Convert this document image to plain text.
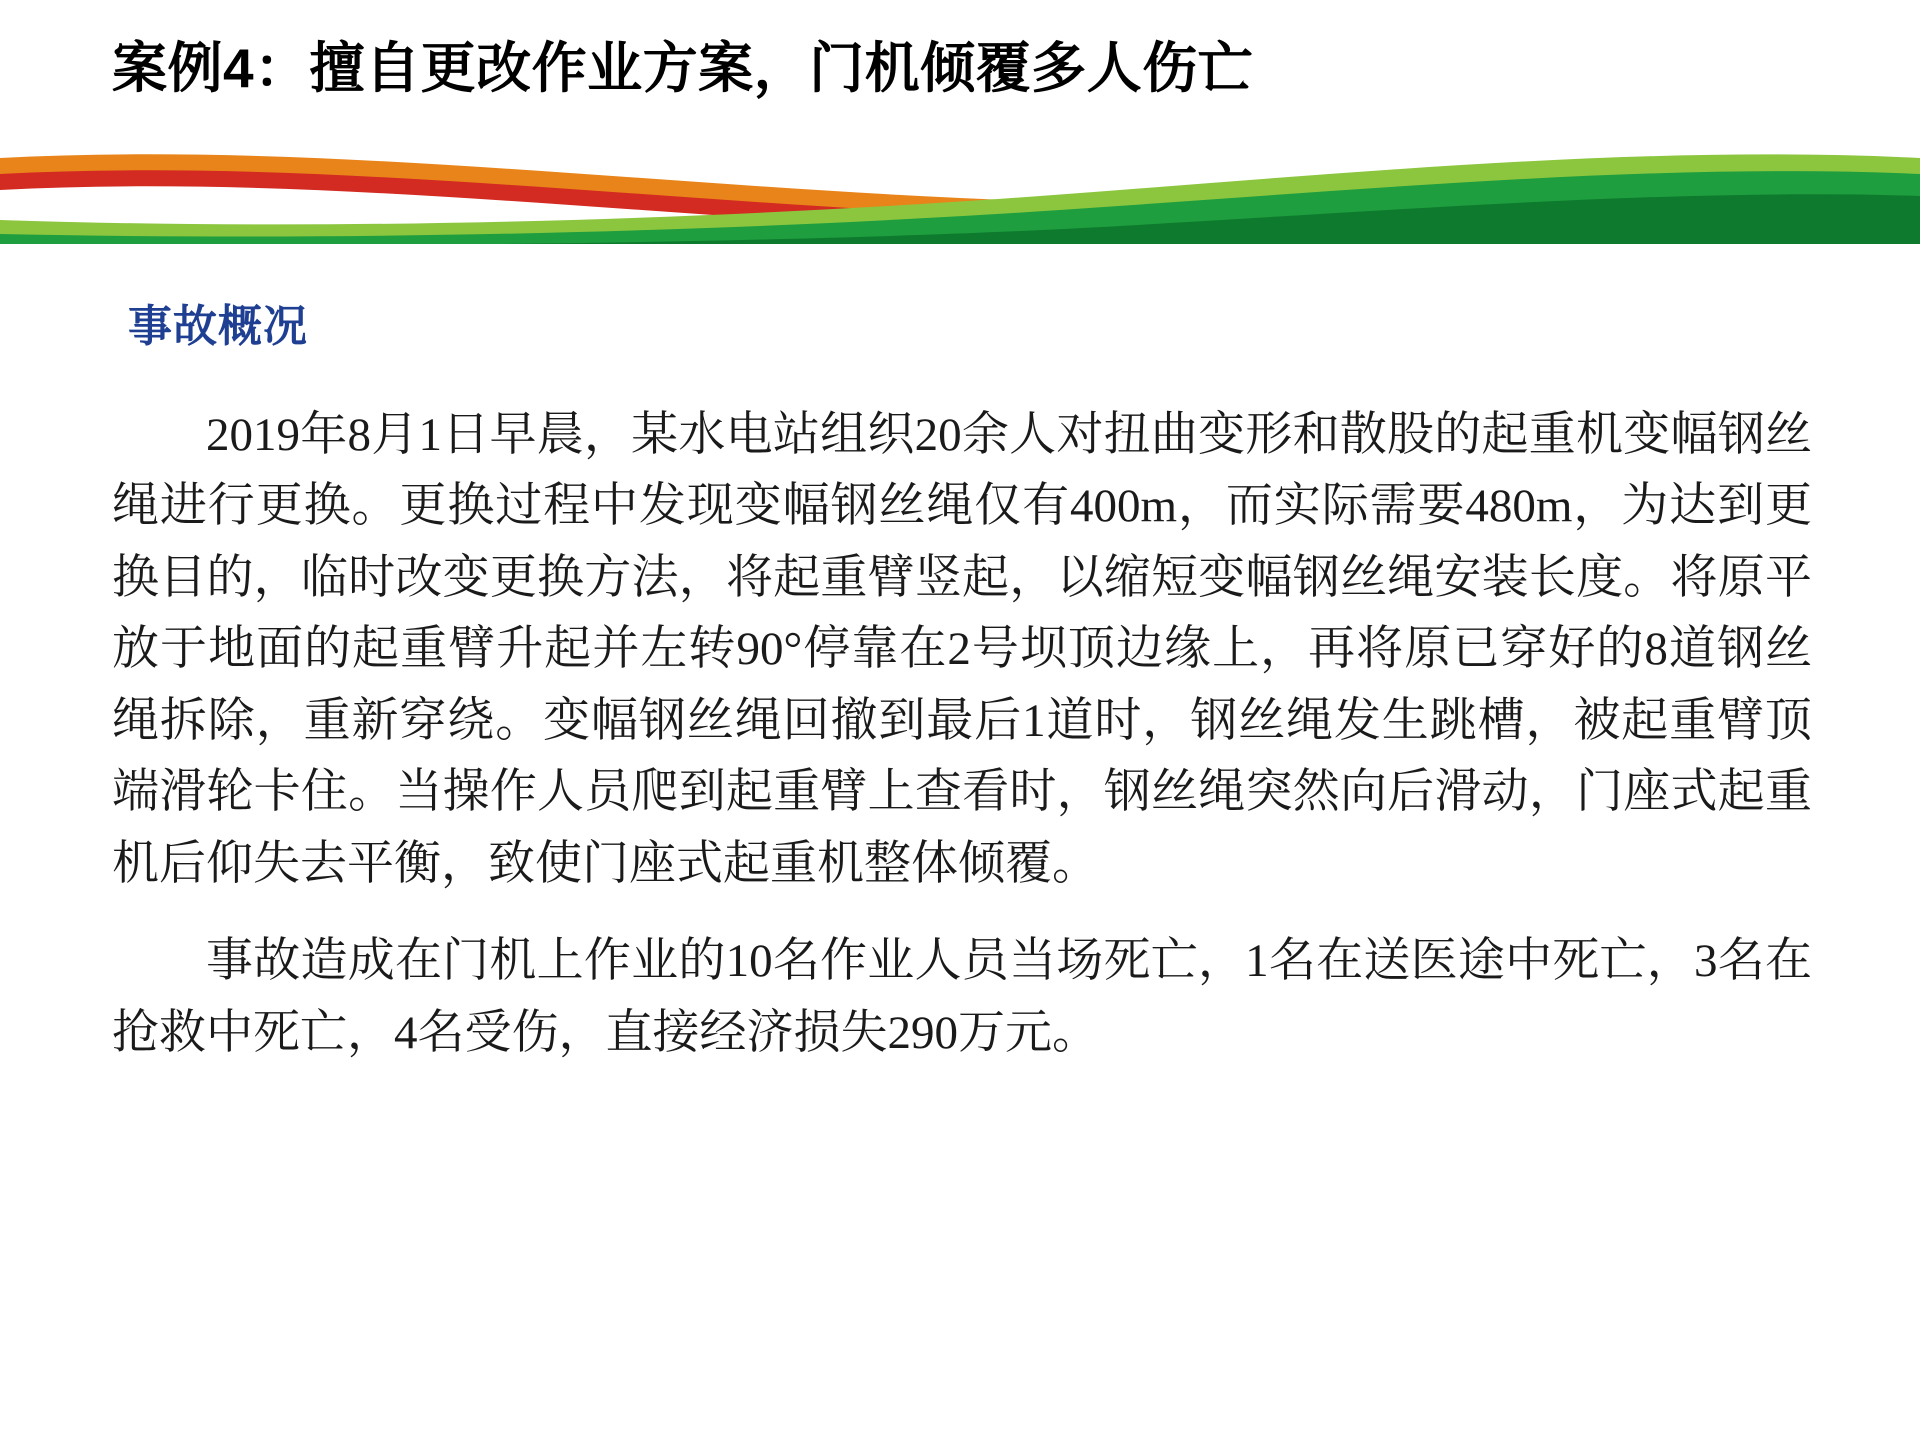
案例4：擅自更改作业方案，门机倾覆多人伤亡
事故概况

2019年8月1日早晨，某水电站组织20余人对扭曲变形和散股的起重机变幅钢丝绳进行更换。更换过程中发现变幅钢丝绳仅有400m，而实际需要480m，为达到更换目的，临时改变更换方法，将起重臂竖起，以缩短变幅钢丝绳安装长度。将原平放于地面的起重臂升起并左转90°停靠在2号坝顶边缘上，再将原已穿好的8道钢丝绳拆除，重新穿绕。变幅钢丝绳回撤到最后1道时，钢丝绳发生跳槽，被起重臂顶端滑轮卡住。当操作人员爬到起重臂上查看时，钢丝绳突然向后滑动，门座式起重机后仰失去平衡，致使门座式起重机整体倾覆。

事故造成在门机上作业的10名作业人员当场死亡，1名在送医途中死亡，3名在抢救中死亡，4名受伤，直接经济损失290万元。
